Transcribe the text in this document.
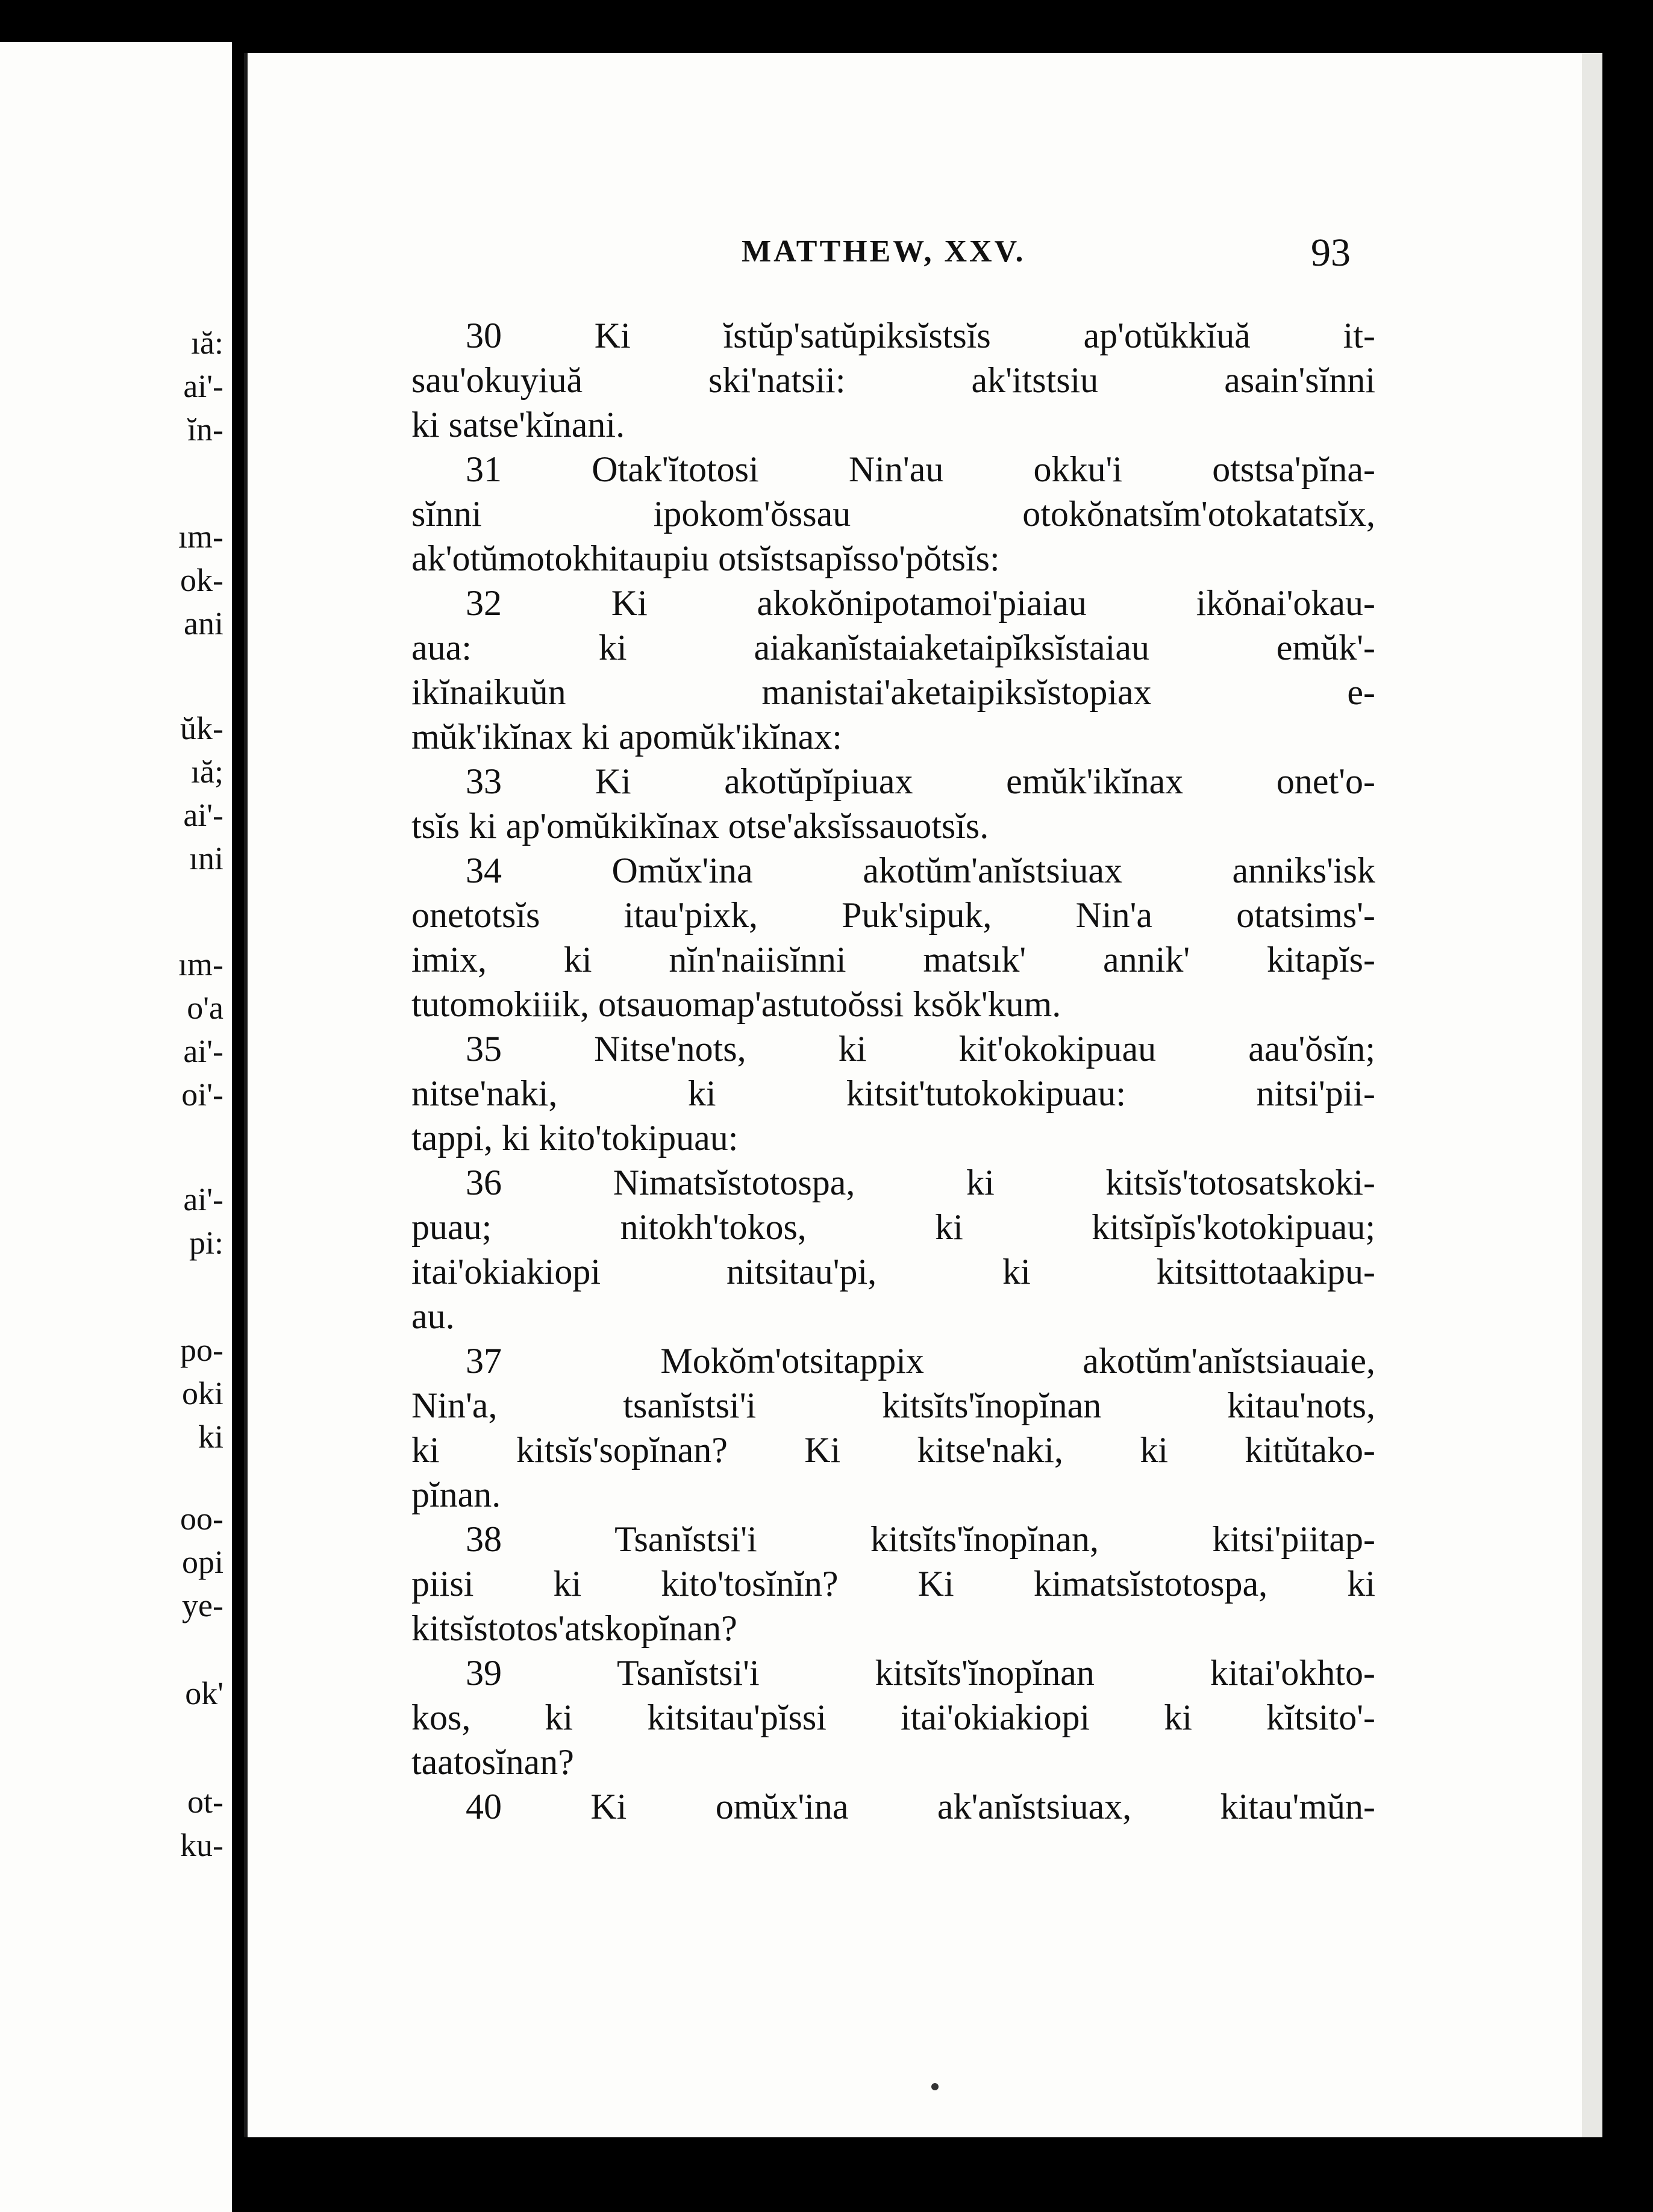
ıă:
ai'-
ĭn-
ım-
ok-
ani
ŭk-
ıă;
ai'-
ıni
ım-
o'a
ai'-
oi'-
ai'-
pi:
po-
oki
ki
oo-
opi
ye-
ok'
ot-
ku-
MATTHEW, XXV.	93
30 Ki ĭstŭp'satŭpiksĭstsĭs ap'otŭkkĭuă it-
sau'okuyiuă ski'natsii: ak'itstsiu asain'sĭnni
ki satse'kĭnani.
31 Otak'ĭtotosi Nin'au okku'i otstsa'pĭna-
sĭnni ipokom'ŏssau otokŏnatsĭm'otokatatsĭx,
ak'otŭmotokhitaupiu otsĭstsapĭsso'pŏtsĭs:
32 Ki akokŏnipotamoi'piaiau ikŏnai'okau-
aua: ki aiakanĭstaiaketaipĭksĭstaiau emŭk'-
ikĭnaikuŭn manistai'aketaipiksĭstopiax e-
mŭk'ikĭnax ki apomŭk'ikĭnax:
33 Ki akotŭpĭpiuax emŭk'ikĭnax onet'o-
tsĭs ki ap'omŭkikĭnax otse'aksĭssauotsĭs.
34 Omŭx'ina akotŭm'anĭstsiuax anniks'isk
onetotsĭs itau'pixk, Puk'sipuk, Nin'a otatsims'-
imix, ki nĭn'naiisĭnni matsık' annik' kitapĭs-
tutomokiiik, otsauomap'astutoŏssi ksŏk'kum.
35 Nitse'nots, ki kit'okokipuau aau'ŏsĭn;
nitse'naki, ki kitsit'tutokokipuau: nitsi'pii-
tappi, ki kito'tokipuau:
36 Nimatsĭstotospa, ki kitsĭs'totosatskoki-
puau; nitokh'tokos, ki kitsĭpĭs'kotokipuau;
itai'okiakiopi nitsitau'pi, ki kitsittotaakipu-
au.
37 Mokŏm'otsitappix akotŭm'anĭstsiauaie,
Nin'a, tsanĭstsi'i kitsĭts'ĭnopĭnan kitau'nots,
ki kitsĭs'sopĭnan? Ki kitse'naki, ki kitŭtako-
pĭnan.
38 Tsanĭstsi'i kitsĭts'ĭnopĭnan, kitsi'piitap-
piisi ki kito'tosĭnĭn? Ki kimatsĭstotospa, ki
kitsĭstotos'atskopĭnan?
39 Tsanĭstsi'i kitsĭts'ĭnopĭnan kitai'okhto-
kos, ki kitsitau'pĭssi itai'okiakiopi ki kĭtsito'-
taatosĭnan?
40 Ki omŭx'ina ak'anĭstsiuax, kitau'mŭn-
